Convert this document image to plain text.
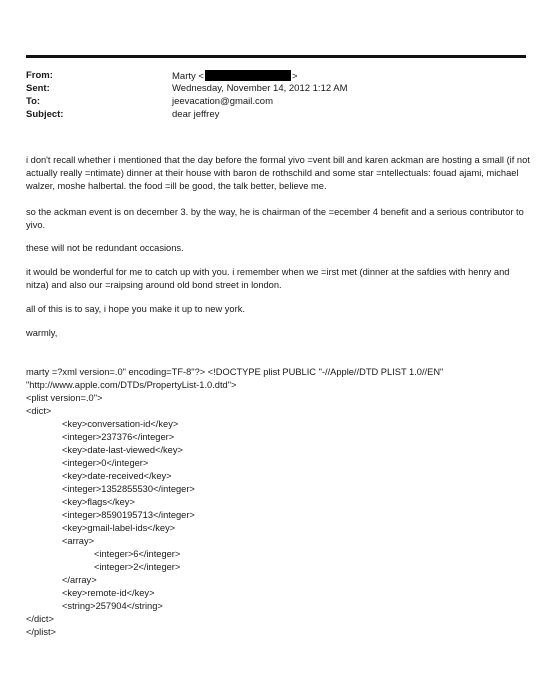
From:
Sent:
To:
Subject:
Marty <	>
Wednesday, November 14, 2012 1:12 AM
jeevacation@gmail.com
dear jeffrey
i don't recall whether i mentioned that the day before the formal yivo =vent bill and karen ackman are hosting a small (if not actually really =ntimate) dinner at their house with baron de rothschild and some star =ntellectuals: fouad ajami, michael walzer, moshe halbertal. the food =ill be good, the talk better, believe me.
so the ackman event is on december 3. by the way, he is chairman of the =ecember 4 benefit and a serious contributor to yivo.
these will not be redundant occasions.
it would be wonderful for me to catch up with you. i remember when we =irst met (dinner at the safdies with henry and nitza) and also our =raipsing around old bond street in london.
all of this is to say, i hope you make it up to new york.
warmly,
marty =?xml version=.0" encoding=TF-8"?> <!DOCTYPE plist PUBLIC "-//Apple//DTD PLIST 1.0//EN"
"http://www.apple.com/DTDs/PropertyList-1.0.dtd">
<plist version=.0">
<dict>
<key>conversation-id</key>
<integer>237376</integer>
<key>date-last-viewed</key>
<integer>0</integer>
<key>date-received</key>
<integer>1352855530</integer>
<key>flags</key>
<integer>8590195713</integer>
<key>gmail-label-ids</key>
<array>
<integer>6</integer>
<integer>2</integer>
</array>
<key>remote-id</key>
<string>257904</string>
</dict>
</plist>
